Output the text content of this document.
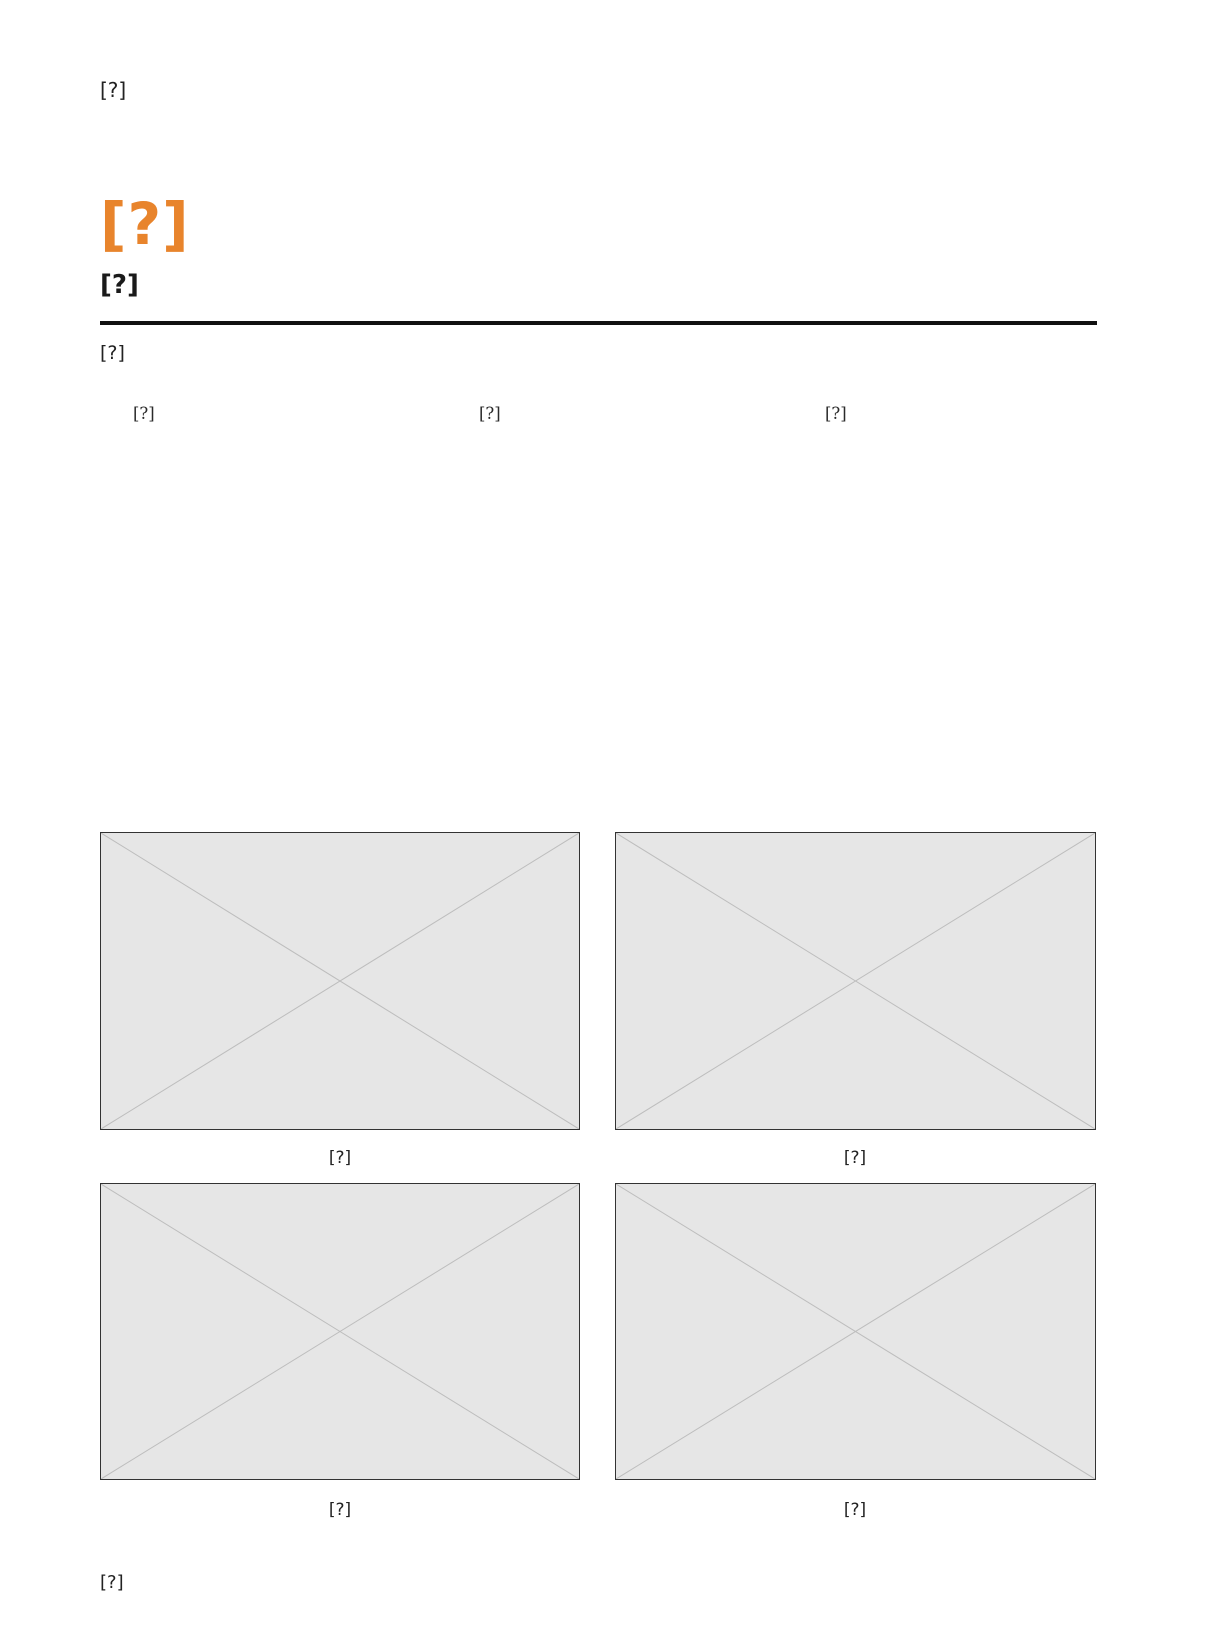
[?]
[?]
[?]
[?]

[?]	[?]	[?]

[?]	[?]
[?]	[?]
[?]
